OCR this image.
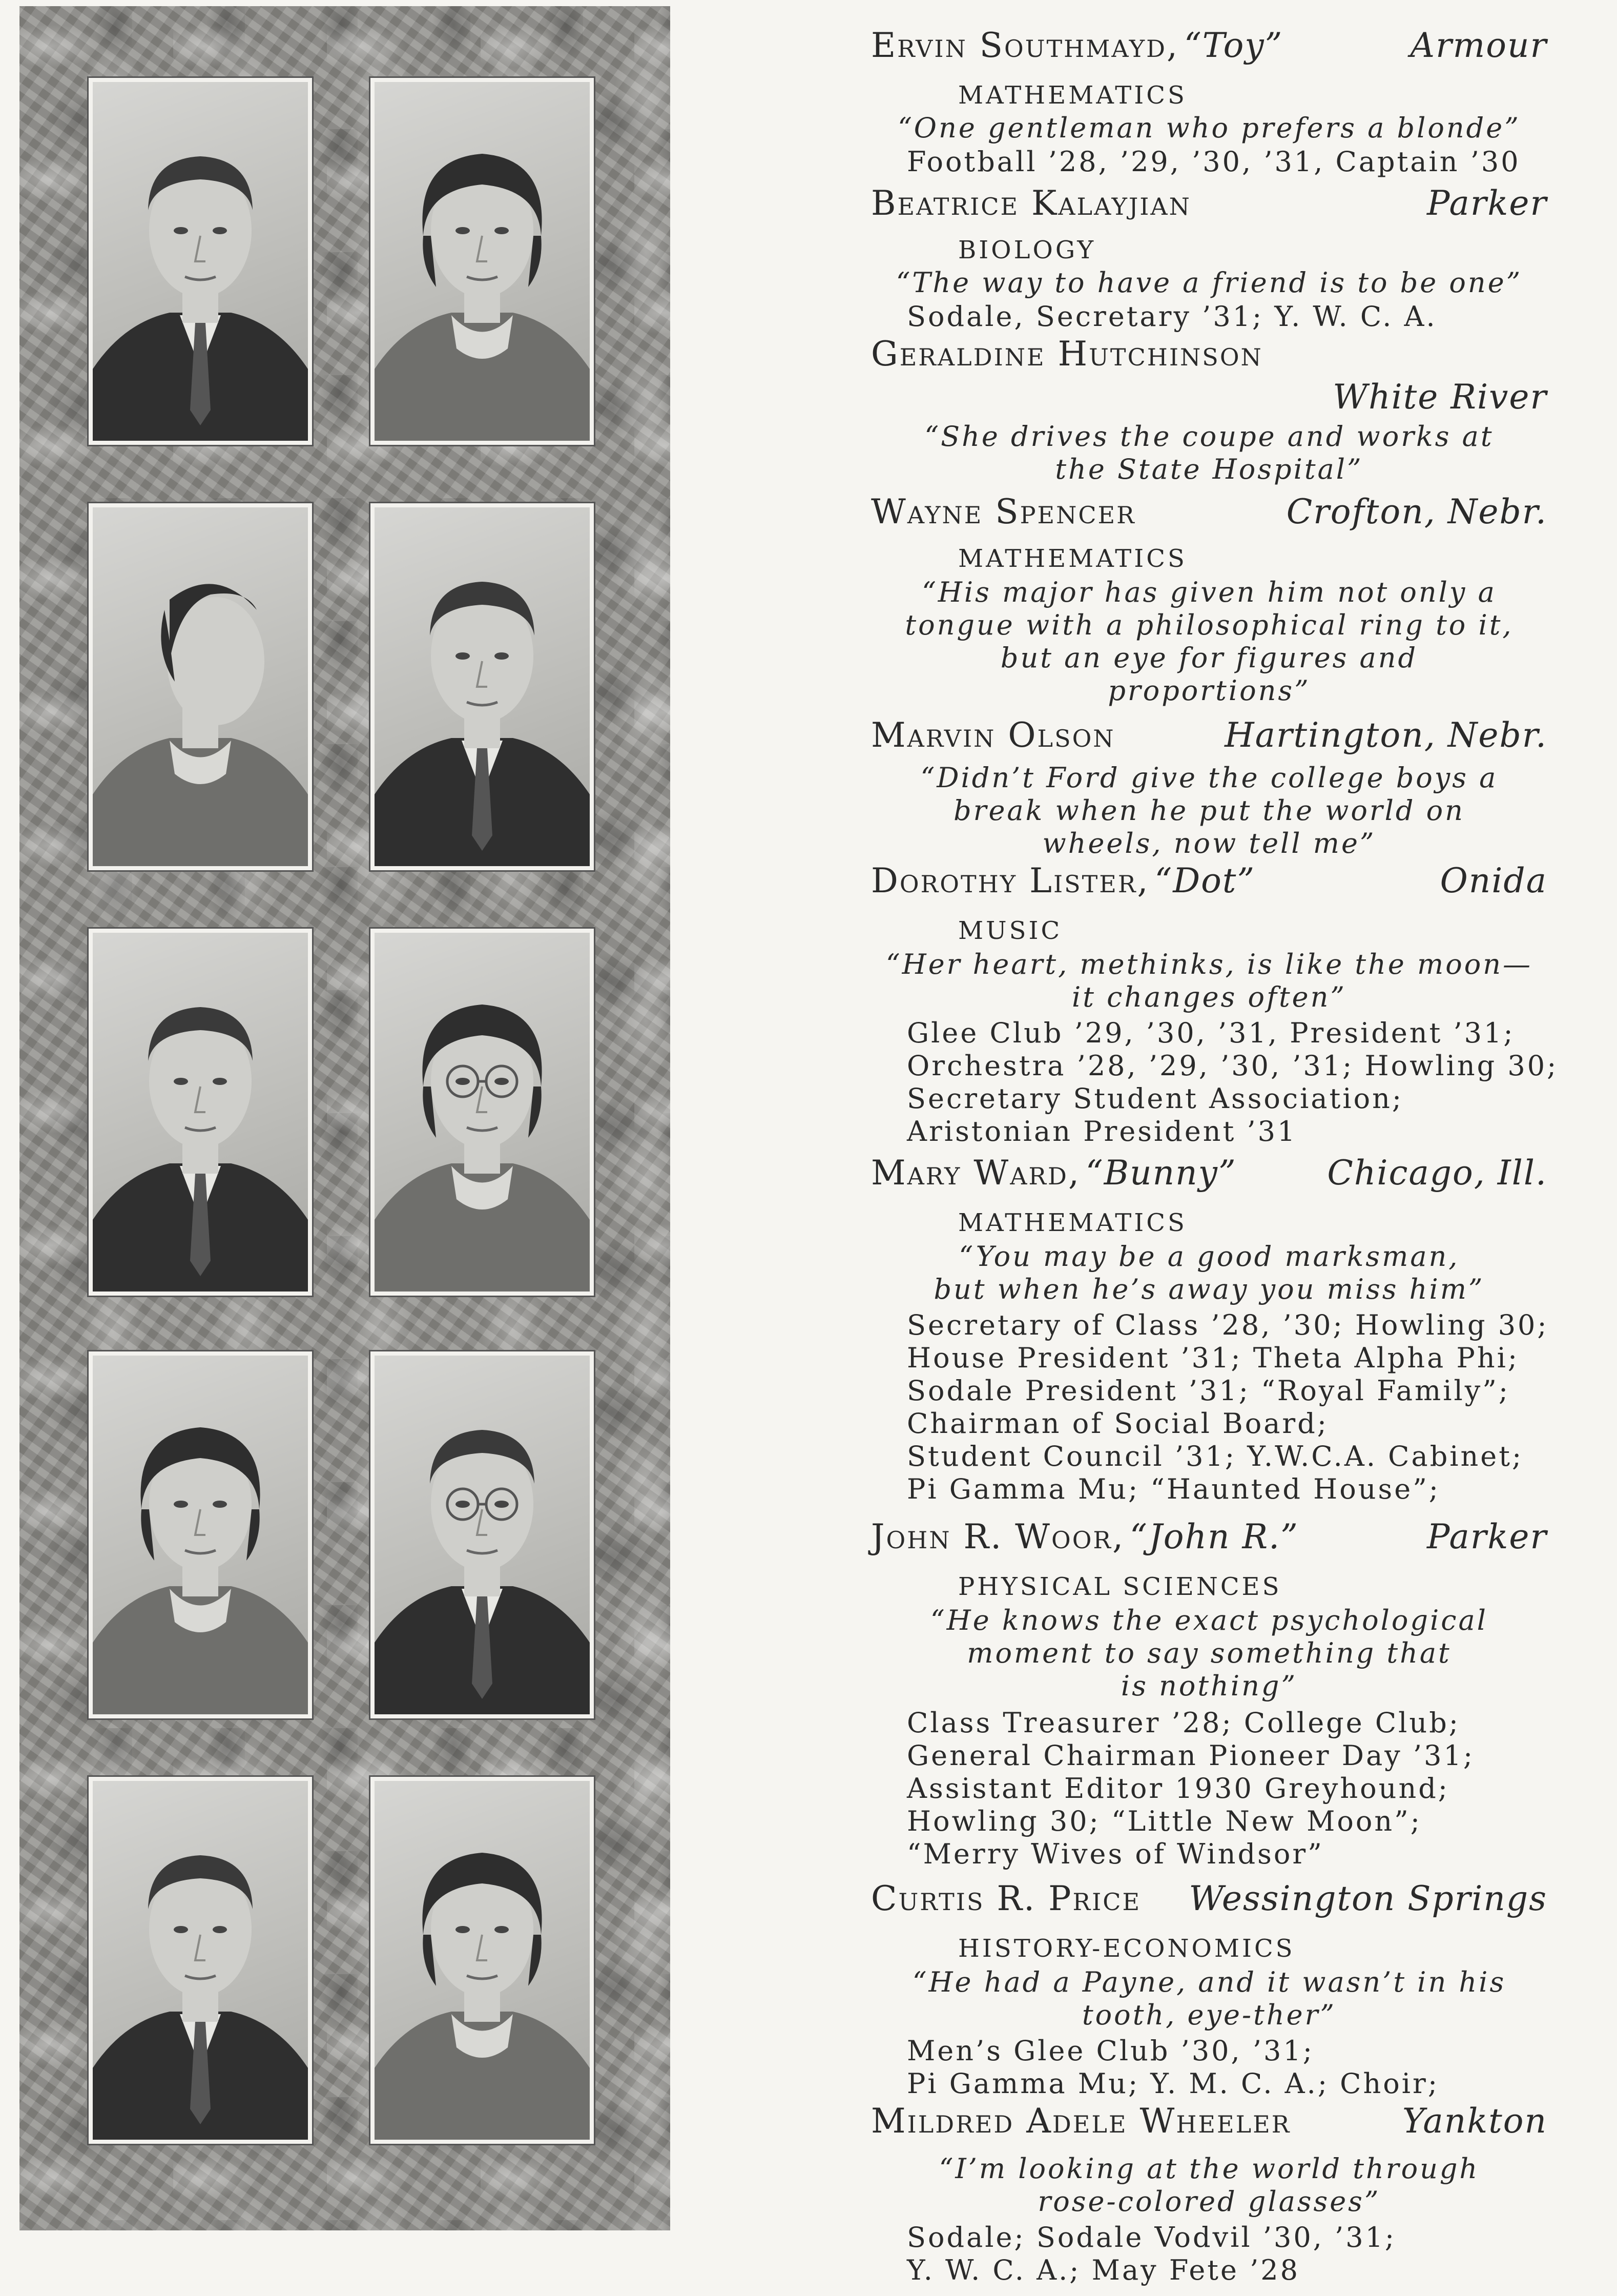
Ervin Southmayd, “Toy”	Armour
MATHEMATICS
“One gentleman who prefers a blonde”
Football ’28, ’29, ’30, ’31, Captain ’30
Beatrice Kalayjian	Parker
BIOLOGY
“The way to have a friend is to be one”
Sodale, Secretary ’31; Y. W. C. A.
Geraldine Hutchinson
White River
“She drives the coupe and works at
the State Hospital”
Wayne Spencer	Crofton, Nebr.
MATHEMATICS
“His major has given him not only a
tongue with a philosophical ring to it,
but an eye for figures and
proportions”
Marvin Olson	Hartington, Nebr.
“Didn’t Ford give the college boys a
break when he put the world on
wheels, now tell me”
Dorothy Lister, “Dot”	Onida
MUSIC
“Her heart, methinks, is like the moon—
it changes often”
Glee Club ’29, ’30, ’31, President ’31;
Orchestra ’28, ’29, ’30, ’31; Howling 30;
Secretary Student Association;
Aristonian President ’31
Mary Ward, “Bunny”	Chicago, Ill.
MATHEMATICS
“You may be a good marksman,
but when he’s away you miss him”
Secretary of Class ’28, ’30; Howling 30;
House President ’31; Theta Alpha Phi;
Sodale President ’31; “Royal Family”;
Chairman of Social Board;
Student Council ’31; Y.W.C.A. Cabinet;
Pi Gamma Mu; “Haunted House”;
John R. Woor, “John R.”	Parker
PHYSICAL SCIENCES
“He knows the exact psychological
moment to say something that
is nothing”
Class Treasurer ’28; College Club;
General Chairman Pioneer Day ’31;
Assistant Editor 1930 Greyhound;
Howling 30; “Little New Moon”;
“Merry Wives of Windsor”
Curtis R. Price Wessington Springs
HISTORY-ECONOMICS
“He had a Payne, and it wasn’t in his
tooth, eye-ther”
Men’s Glee Club ’30, ’31;
Pi Gamma Mu; Y. M. C. A.; Choir;
Mildred Adele Wheeler	Yankton
“I’m looking at the world through
rose-colored glasses”
Sodale; Sodale Vodvil ’30, ’31;
Y. W. C. A.; May Fete ’28
